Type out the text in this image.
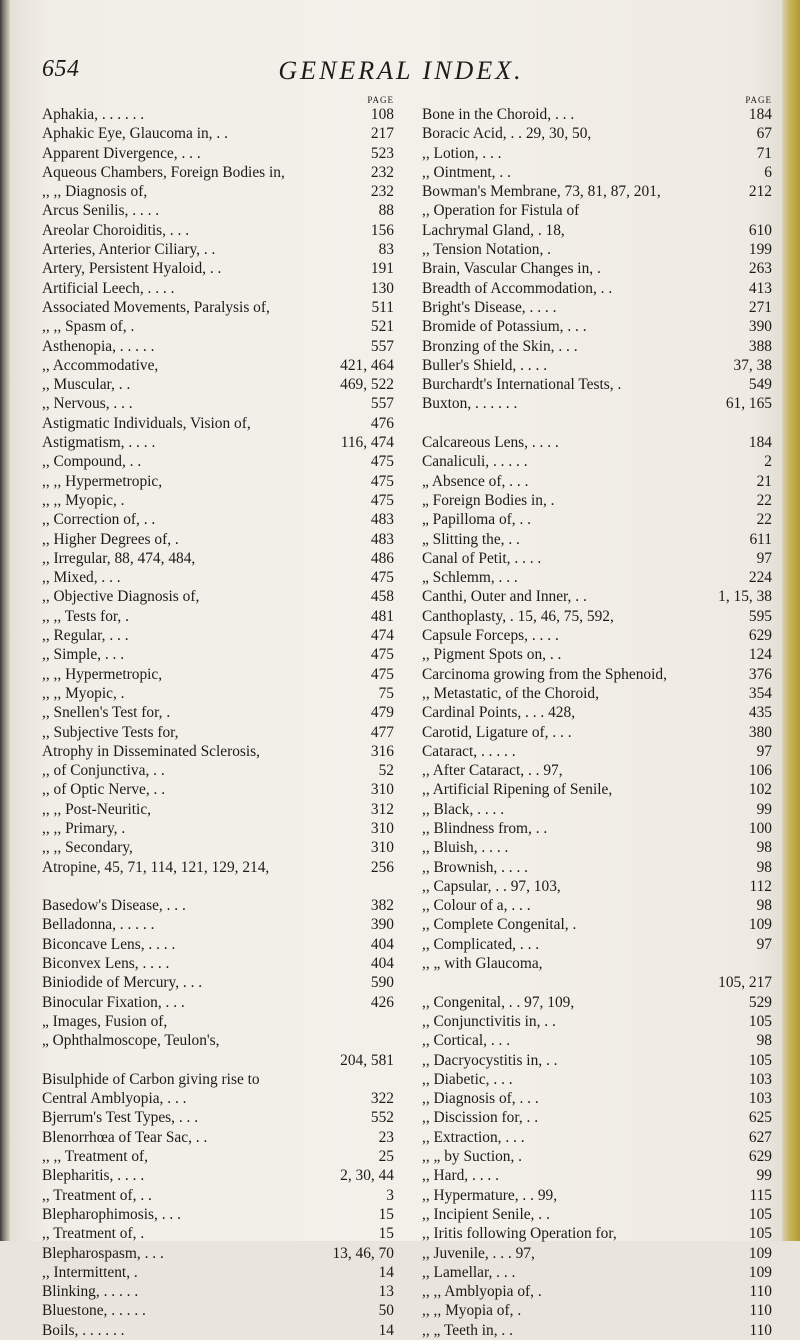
654	GENERAL INDEX.
PAGE
Aphakia, . . . . . .	108
Aphakic Eye, Glaucoma in, . .	217
Apparent Divergence, . . .	523
Aqueous Chambers, Foreign Bodies in,	232
,, ,, Diagnosis of,	232
Arcus Senilis, . . . .	88
Areolar Choroiditis, . . .	156
Arteries, Anterior Ciliary, . .	83
Artery, Persistent Hyaloid, . .	191
Artificial Leech, . . . .	130
Associated Movements, Paralysis of,	511
,, ,, Spasm of, .	521
Asthenopia, . . . . .	557
,, Accommodative,	421, 464
,, Muscular, . .	469, 522
,, Nervous, . . .	557
Astigmatic Individuals, Vision of,	476
Astigmatism, . . . .	116, 474
,, Compound, . .	475
,, ,, Hypermetropic,	475
,, ,, Myopic, .	475
,, Correction of, . .	483
,, Higher Degrees of, .	483
,, Irregular, 88, 474, 484,	486
,, Mixed, . . .	475
,, Objective Diagnosis of,	458
,, ,, Tests for, .	481
,, Regular, . . .	474
,, Simple, . . .	475
,, ,, Hypermetropic,	475
,, ,, Myopic, .	75
,, Snellen's Test for, .	479
,, Subjective Tests for,	477
Atrophy in Disseminated Sclerosis,	316
,, of Conjunctiva, . .	52
,, of Optic Nerve, . .	310
,, ,, Post-Neuritic,	312
,, ,, Primary, .	310
,, ,, Secondary,	310
Atropine, 45, 71, 114, 121, 129, 214,	256
Basedow's Disease, . . .	382
Belladonna, . . . . .	390
Biconcave Lens, . . . .	404
Biconvex Lens, . . . .	404
Biniodide of Mercury, . . .	590
Binocular Fixation, . . .	426
„ Images, Fusion of,
„ Ophthalmoscope, Teulon's,
204, 581
Bisulphide of Carbon giving rise to
Central Amblyopia, . . .	322
Bjerrum's Test Types, . . .	552
Blenorrhœa of Tear Sac, . .	23
,, ,, Treatment of,	25
Blepharitis, . . . .	2, 30, 44
,, Treatment of, . .	3
Blepharophimosis, . . .	15
,, Treatment of, .	15
Blepharospasm, . . .	13, 46, 70
,, Intermittent, .	14
Blinking, . . . . .	13
Bluestone, . . . . .	50
Boils, . . . . . .	14
PAGE
Bone in the Choroid, . . .	184
Boracic Acid, . . 29, 30, 50,	67
,, Lotion, . . .	71
,, Ointment, . .	6
Bowman's Membrane, 73, 81, 87, 201,	212
,, Operation for Fistula of
Lachrymal Gland, . 18,	610
,, Tension Notation, .	199
Brain, Vascular Changes in, .	263
Breadth of Accommodation, . .	413
Bright's Disease, . . . .	271
Bromide of Potassium, . . .	390
Bronzing of the Skin, . . .	388
Buller's Shield, . . . .	37, 38
Burchardt's International Tests, .	549
Buxton, . . . . . .	61, 165
Calcareous Lens, . . . .	184
Canaliculi, . . . . .	2
„ Absence of, . . .	21
„ Foreign Bodies in, .	22
„ Papilloma of, . .	22
„ Slitting the, . .	611
Canal of Petit, . . . .	97
„ Schlemm, . . .	224
Canthi, Outer and Inner, . .	1, 15, 38
Canthoplasty, . 15, 46, 75, 592,	595
Capsule Forceps, . . . .	629
,, Pigment Spots on, . .	124
Carcinoma growing from the Sphenoid,	376
,, Metastatic, of the Choroid,	354
Cardinal Points, . . . 428,	435
Carotid, Ligature of, . . .	380
Cataract, . . . . .	97
,, After Cataract, . . 97,	106
,, Artificial Ripening of Senile,	102
,, Black, . . . .	99
,, Blindness from, . .	100
,, Bluish, . . . .	98
,, Brownish, . . . .	98
,, Capsular, . . 97, 103,	112
,, Colour of a, . . .	98
,, Complete Congenital, .	109
,, Complicated, . . .	97
,, „ with Glaucoma,
105, 217
,, Congenital, . . 97, 109,	529
,, Conjunctivitis in, . .	105
,, Cortical, . . .	98
,, Dacryocystitis in, . .	105
,, Diabetic, . . .	103
,, Diagnosis of, . . .	103
,, Discission for, . .	625
,, Extraction, . . .	627
,, „ by Suction, .	629
,, Hard, . . . .	99
,, Hypermature, . . 99,	115
,, Incipient Senile, . .	105
,, Iritis following Operation for,	105
,, Juvenile, . . . 97,	109
,, Lamellar, . . .	109
,, ,, Amblyopia of, .	110
,, ,, Myopia of, .	110
,, „ Teeth in, . .	110
